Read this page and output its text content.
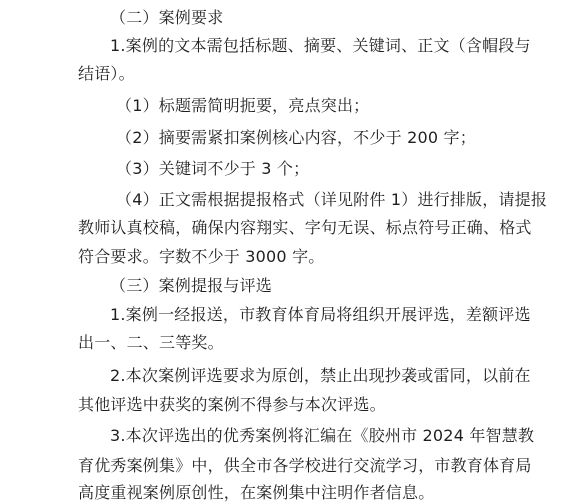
（二）案例要求

1.案例的文本需包括标题、摘要、关键词、正文（含帽段与

结语）。

（1）标题需简明扼要，亮点突出；

（2）摘要需紧扣案例核心内容，不少于 200 字；

（3）关键词不少于 3 个；

（4）正文需根据提报格式（详见附件 1）进行排版，请提报

教师认真校稿，确保内容翔实、字句无误、标点符号正确、格式

符合要求。字数不少于 3000 字。

（三）案例提报与评选

1.案例一经报送，市教育体育局将组织开展评选，差额评选

出一、二、三等奖。

2.本次案例评选要求为原创，禁止出现抄袭或雷同，以前在

其他评选中获奖的案例不得参与本次评选。

3.本次评选出的优秀案例将汇编在《胶州市 2024 年智慧教

育优秀案例集》中，供全市各学校进行交流学习，市教育体育局

高度重视案例原创性，在案例集中注明作者信息。
